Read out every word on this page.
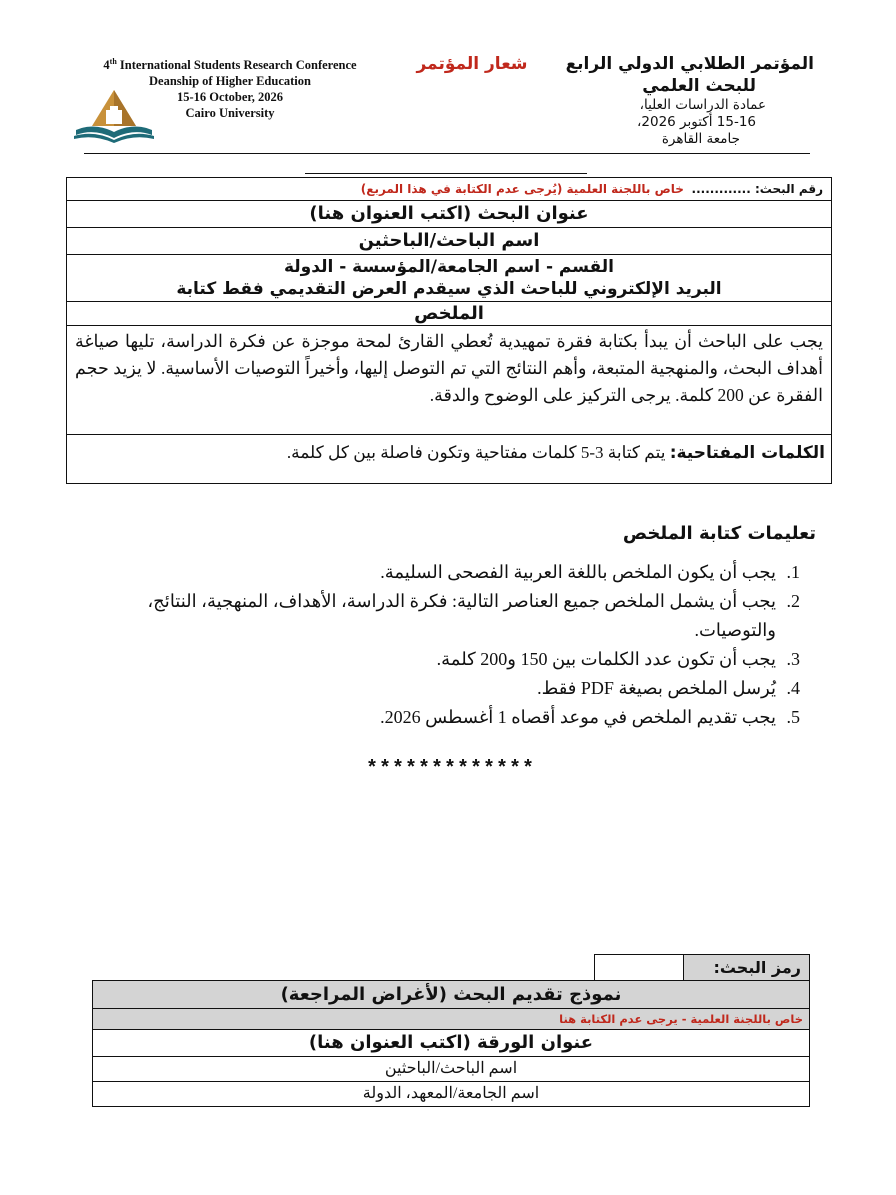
4th International Students Research Conference
Deanship of Higher Education
15-16 October, 2026
Cairo University
شعار المؤتمر	المؤتمر الطلابي الدولي الرابع
للبحث العلمي
عمادة الدراسات العليا،
15-16 أكتوبر 2026،
جامعة القاهرة
رقم البحث: .............  خاص باللجنة العلمية (يُرجى عدم الكتابة في هذا المربع)
عنوان البحث (اكتب العنوان هنا)
اسم الباحث/الباحثين
القسم - اسم الجامعة/المؤسسة - الدولة
البريد الإلكتروني للباحث الذي سيقدم العرض التقديمي فقط كتابة
الملخص
يجب على الباحث أن يبدأ بكتابة فقرة تمهيدية تُعطي القارئ لمحة موجزة عن فكرة الدراسة، تليها صياغة أهداف البحث، والمنهجية المتبعة، وأهم النتائج التي تم التوصل إليها، وأخيراً التوصيات الأساسية. لا يزيد حجم الفقرة عن 200 كلمة. يرجى التركيز على الوضوح والدقة.
الكلمات المفتاحية: يتم كتابة 3-5 كلمات مفتاحية وتكون فاصلة بين كل كلمة.
تعليمات كتابة الملخص
1. يجب أن يكون الملخص باللغة العربية الفصحى السليمة.
2. يجب أن يشمل الملخص جميع العناصر التالية: فكرة الدراسة، الأهداف، المنهجية، النتائج، والتوصيات.
3. يجب أن تكون عدد الكلمات بين 150 و200 كلمة.
4. يُرسل الملخص بصيغة PDF فقط.
5. يجب تقديم الملخص في موعد أقصاه 1 أغسطس 2026.
*************
رمز البحث:
نموذج تقديم البحث (لأغراض المراجعة)
خاص باللجنة العلمية - يرجى عدم الكتابة هنا
عنوان الورقة (اكتب العنوان هنا)
اسم الباحث/الباحثين
اسم الجامعة/المعهد، الدولة
